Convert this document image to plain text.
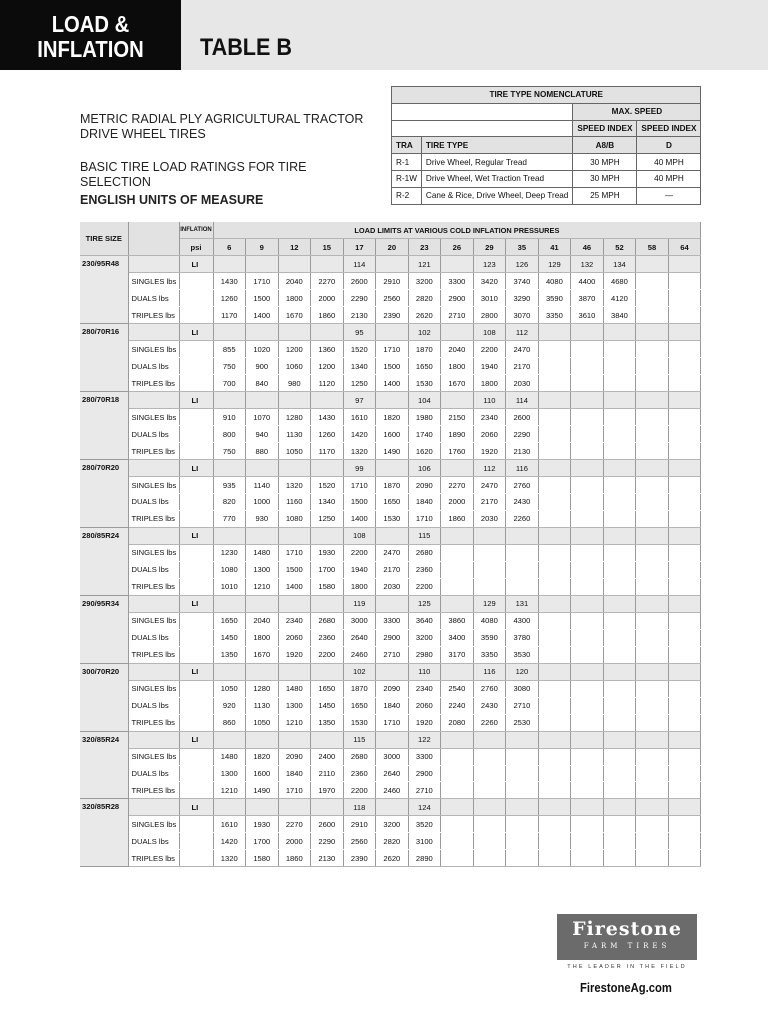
LOAD &
INFLATION	TABLE B
METRIC RADIAL PLY AGRICULTURAL TRACTOR DRIVE WHEEL TIRES
BASIC TIRE LOAD RATINGS FOR TIRE SELECTION
ENGLISH UNITS OF MEASURE
TIRE TYPE NOMENCLATURE			
		MAX. SPEED	
		SPEED INDEX	SPEED INDEX
TRA	TIRE TYPE	A8/B	D
R-1	Drive Wheel, Regular Tread	30 MPH	40 MPH
R-1W	Drive Wheel, Wet Traction Tread	30 MPH	40 MPH
R-2	Cane & Rice, Drive Wheel, Deep Tread	25 MPH	—
TIRE SIZE		INFLATION	LOAD LIMITS AT VARIOUS COLD INFLATION PRESSURES														
		psi	6	9	12	15	17	20	23	26	29	35	41	46	52	58	64
230/95R48		LI					114		121		123	126	129	132	134		
	SINGLES lbs		1430	1710	2040	2270	2600	2910	3200	3300	3420	3740	4080	4400	4680		
	DUALS lbs		1260	1500	1800	2000	2290	2560	2820	2900	3010	3290	3590	3870	4120		
	TRIPLES lbs		1170	1400	1670	1860	2130	2390	2620	2710	2800	3070	3350	3610	3840		
280/70R16		LI					95		102		108	112					
	SINGLES lbs		855	1020	1200	1360	1520	1710	1870	2040	2200	2470					
	DUALS lbs		750	900	1060	1200	1340	1500	1650	1800	1940	2170					
	TRIPLES lbs		700	840	980	1120	1250	1400	1530	1670	1800	2030					
280/70R18		LI					97		104		110	114					
	SINGLES lbs		910	1070	1280	1430	1610	1820	1980	2150	2340	2600					
	DUALS lbs		800	940	1130	1260	1420	1600	1740	1890	2060	2290					
	TRIPLES lbs		750	880	1050	1170	1320	1490	1620	1760	1920	2130					
280/70R20		LI					99		106		112	116					
	SINGLES lbs		935	1140	1320	1520	1710	1870	2090	2270	2470	2760					
	DUALS lbs		820	1000	1160	1340	1500	1650	1840	2000	2170	2430					
	TRIPLES lbs		770	930	1080	1250	1400	1530	1710	1860	2030	2260					
280/85R24		LI					108		115								
	SINGLES lbs		1230	1480	1710	1930	2200	2470	2680								
	DUALS lbs		1080	1300	1500	1700	1940	2170	2360								
	TRIPLES lbs		1010	1210	1400	1580	1800	2030	2200								
290/95R34		LI					119		125		129	131					
	SINGLES lbs		1650	2040	2340	2680	3000	3300	3640	3860	4080	4300					
	DUALS lbs		1450	1800	2060	2360	2640	2900	3200	3400	3590	3780					
	TRIPLES lbs		1350	1670	1920	2200	2460	2710	2980	3170	3350	3530					
300/70R20		LI					102		110		116	120					
	SINGLES lbs		1050	1280	1480	1650	1870	2090	2340	2540	2760	3080					
	DUALS lbs		920	1130	1300	1450	1650	1840	2060	2240	2430	2710					
	TRIPLES lbs		860	1050	1210	1350	1530	1710	1920	2080	2260	2530					
320/85R24		LI					115		122								
	SINGLES lbs		1480	1820	2090	2400	2680	3000	3300								
	DUALS lbs		1300	1600	1840	2110	2360	2640	2900								
	TRIPLES lbs		1210	1490	1710	1970	2200	2460	2710								
320/85R28		LI					118		124								
	SINGLES lbs		1610	1930	2270	2600	2910	3200	3520								
	DUALS lbs		1420	1700	2000	2290	2560	2820	3100								
	TRIPLES lbs		1320	1580	1860	2130	2390	2620	2890								
Firestone
FARM TIRES
THE LEADER IN THE FIELD
FirestoneAg.com
